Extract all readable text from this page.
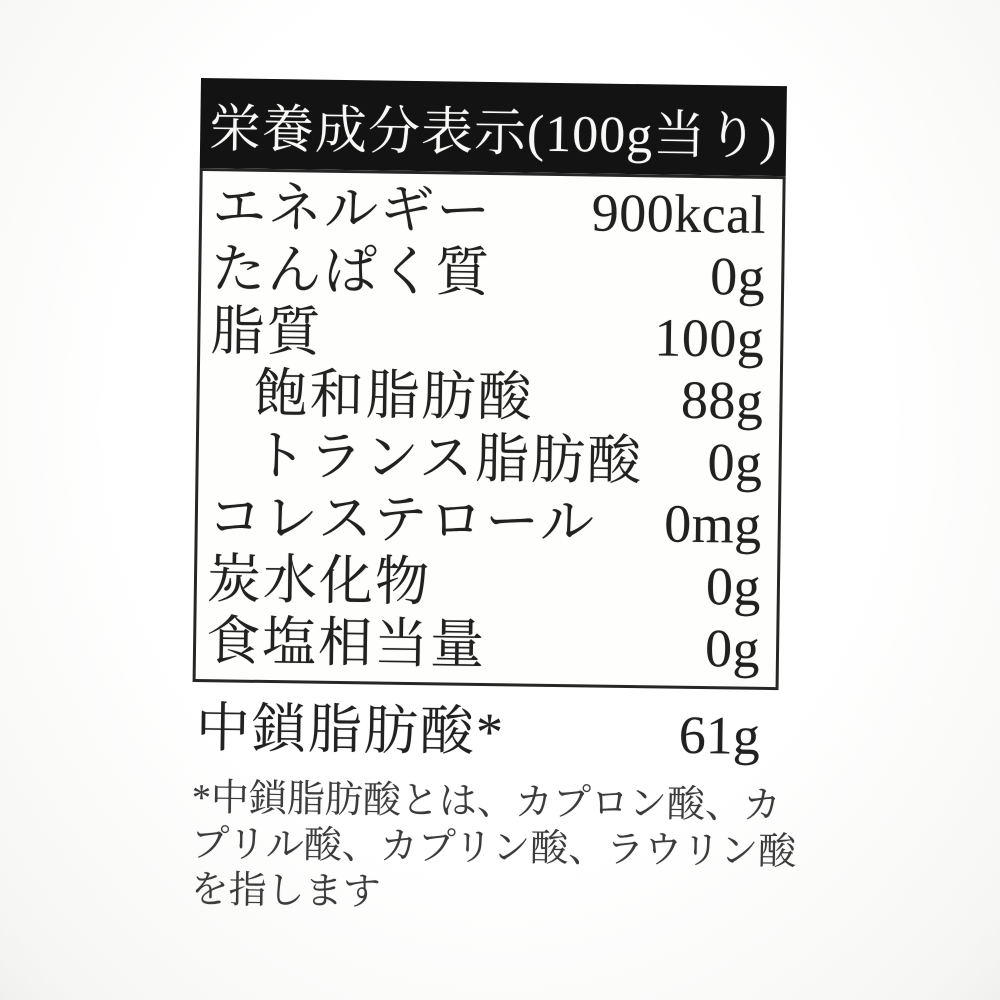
栄養成分表示(100g当り)
エネルギー 900kcal
たんぱく質	0g
脂質	100g
飽和脂肪酸	88g
トランス脂肪酸 0g
コレステロール 0mg
炭水化物	0g
食塩相当量	0g
中鎖脂肪酸*	61g
*中鎖脂肪酸とは、カプロン酸、カ
プリル酸、カプリン酸、ラウリン酸
を指します
